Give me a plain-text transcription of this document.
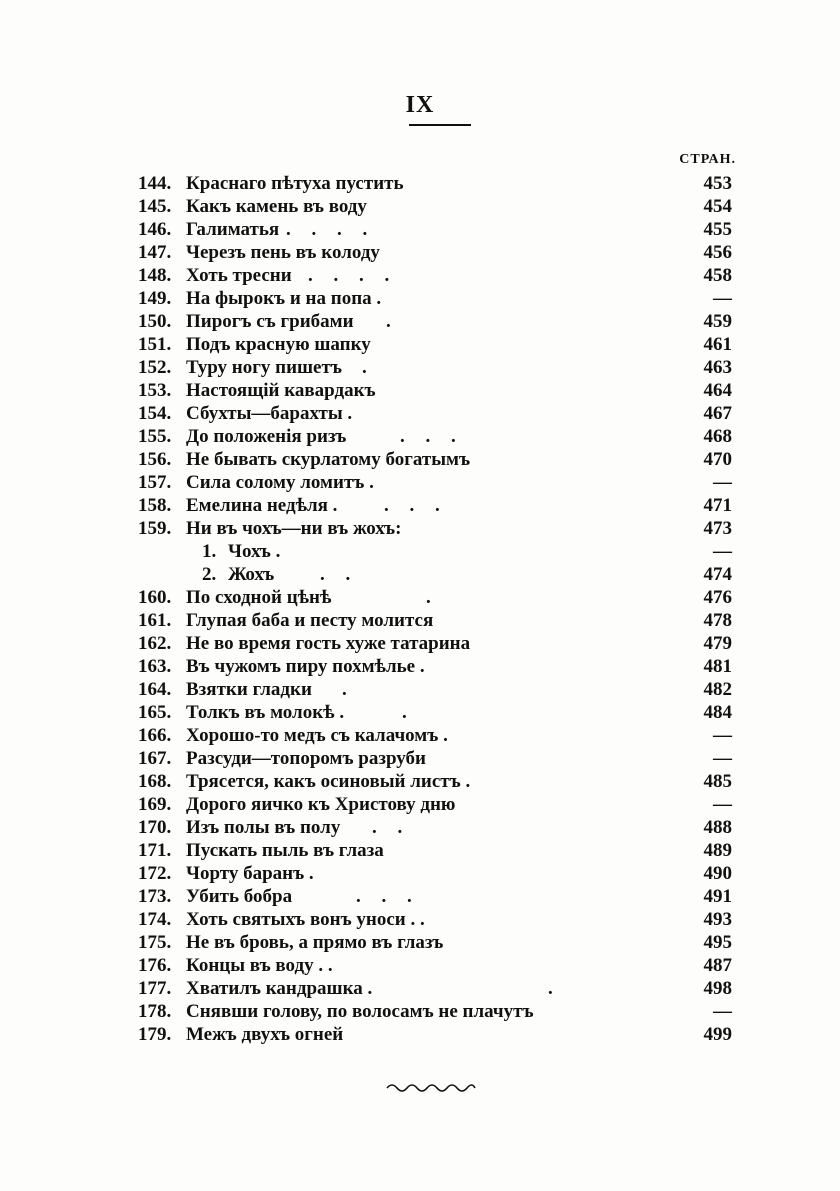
IX
СТРАН.
144. Краснаго пѣтуха пустить	453
145. Какъ камень въ воду	454
146. Галиматья . . . .	455
147. Черезъ пень въ колоду	456
148. Хоть тресни . . . .	458
149. На фырокъ и на попа .	—
150. Пирогъ съ грибами .	459
151. Подъ красную шапку	461
152. Туру ногу пишетъ .	463
153. Настоящій кавардакъ	464
154. Сбухты—барахты .	467
155. До положенія ризъ	. . .	468
156. Не бывать скурлатому богатымъ	470
157. Сила солому ломитъ .	—
158. Емелина недѣля . . . .	471
159. Ни въ чохъ—ни въ жохъ:	473
1. Чохъ .	—
2. Жохъ . .	474
160. По сходной цѣнѣ	.	476
161. Глупая баба и песту молится	478
162. Не во время гость хуже татарина	479
163. Въ чужомъ пиру похмѣлье .	481
164. Взятки гладки .	482
165. Толкъ въ молокѣ .	.	484
166. Хорошо-то медъ съ калачомъ .	—
167. Разсуди—топоромъ разруби	—
168. Трясется, какъ осиновый листъ .	485
169. Дорого яичко къ Христову дню	—
170. Изъ полы въ полу . .	488
171. Пускать пыль въ глаза	489
172. Чорту баранъ .	490
173. Убить бобра	. . .	491
174. Хоть святыхъ вонъ уноси . .	493
175. Не въ бровь, а прямо въ глазъ	495
176. Концы въ воду . .	487
177. Хватилъ кандрашка .	.	498
178. Снявши голову, по волосамъ не плачутъ	—
179. Межъ двухъ огней	499
